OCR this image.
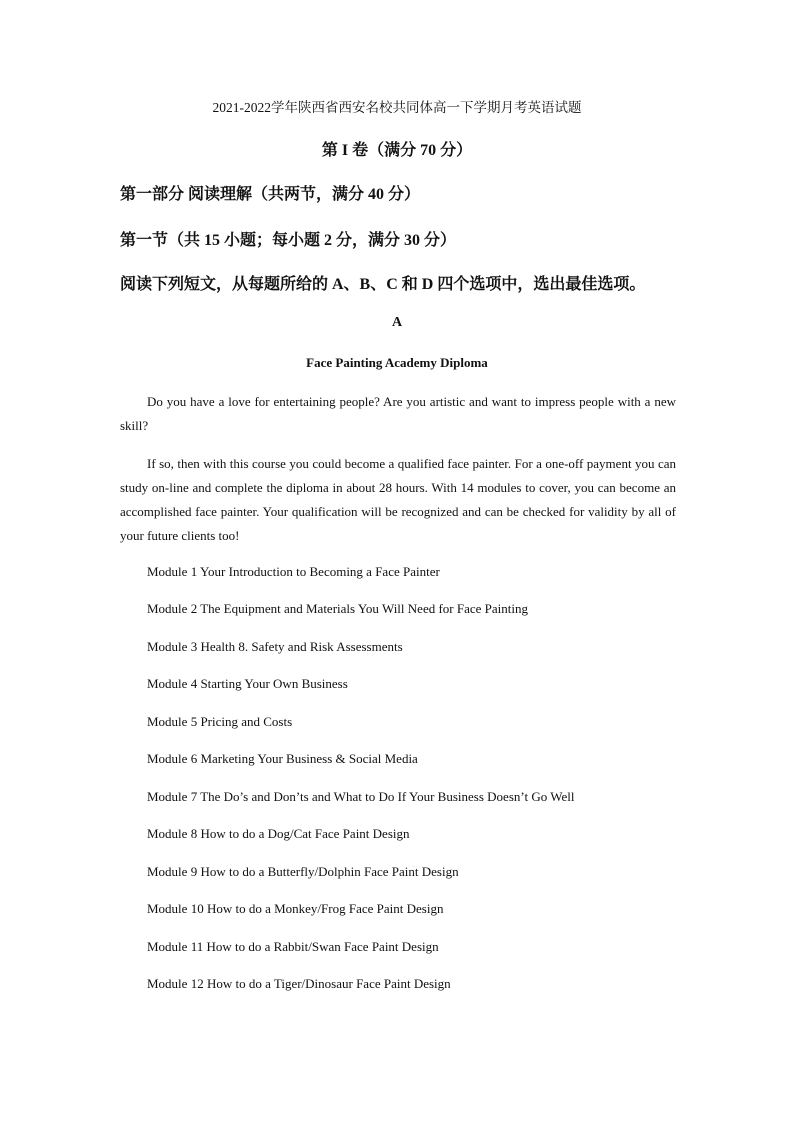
2021-2022学年陕西省西安名校共同体高一下学期月考英语试题
第 I 卷（满分 70 分）
第一部分 阅读理解（共两节，满分 40 分）
第一节（共 15 小题；每小题 2 分，满分 30 分）
阅读下列短文，从每题所给的 A、B、C 和 D 四个选项中，选出最佳选项。
A
Face Painting Academy Diploma
Do you have a love for entertaining people? Are you artistic and want to impress people with a new skill?
If so, then with this course you could become a qualified face painter. For a one-off payment you can study on-line and complete the diploma in about 28 hours. With 14 modules to cover, you can become an accomplished face painter. Your qualification will be recognized and can be checked for validity by all of your future clients too!
Module 1 Your Introduction to Becoming a Face Painter
Module 2 The Equipment and Materials You Will Need for Face Painting
Module 3 Health 8. Safety and Risk Assessments
Module 4 Starting Your Own Business
Module 5 Pricing and Costs
Module 6 Marketing Your Business & Social Media
Module 7 The Do’s and Don’ts and What to Do If Your Business Doesn’t Go Well
Module 8 How to do a Dog/Cat Face Paint Design
Module 9 How to do a Butterfly/Dolphin Face Paint Design
Module 10 How to do a Monkey/Frog Face Paint Design
Module 11 How to do a Rabbit/Swan Face Paint Design
Module 12 How to do a Tiger/Dinosaur Face Paint Design
